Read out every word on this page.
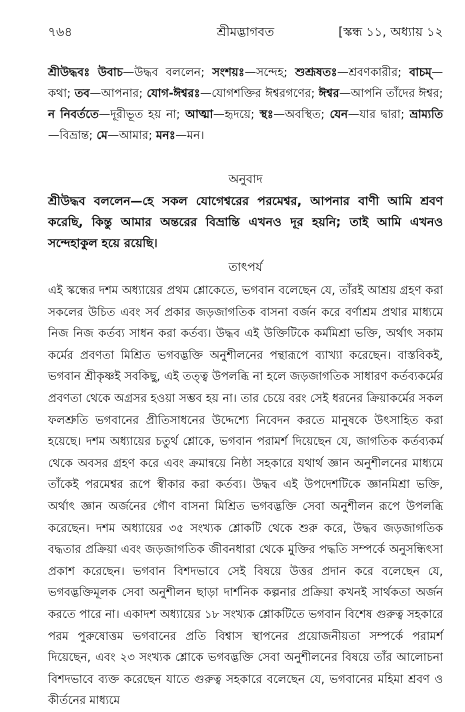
৭৬৪	শ্রীমদ্ভাগবত	[স্কন্ধ ১১, অধ্যায় ১২
শ্রীউদ্ধবঃ উবাচ—উদ্ধব বললেন; সংশয়ঃ—সন্দেহ; শুশ্রূষতঃ—শ্রবণকারীর; বাচম্—কথা; তব—আপনার; যোগ-ঈশ্বরঃ—যোগশক্তির ঈশ্বরগণের; ঈশ্বর—আপনি তাঁদের ঈশ্বর; ন নিবর্ততে—দূরীভূত হয় না; আত্মা—হৃদয়ে; স্থঃ—অবস্থিত; যেন—যার দ্বারা; ভ্রাম্যতি—বিভ্রান্ত; মে—আমার; মনঃ—মন।
অনুবাদ
শ্রীউদ্ধব বললেন—হে সকল যোগেশ্বরের পরমেশ্বর, আপনার বাণী আমি শ্রবণ করেছি, কিন্তু আমার অন্তরের বিভ্রান্তি এখনও দূর হয়নি; তাই আমি এখনও সন্দেহাকুল হয়ে রয়েছি।
তাৎপর্য
এই স্কন্ধের দশম অধ্যায়ের প্রথম শ্লোকেতে, ভগবান বলেছেন যে, তাঁরই আশ্রয় গ্রহণ করা সকলের উচিত এবং সর্ব প্রকার জড়জাগতিক বাসনা বর্জন করে বর্ণাশ্রম প্রথার মাধ্যমে নিজ নিজ কর্তব্য সাধন করা কর্তব্য। উদ্ধব এই উক্তিটিকে কর্মমিশ্রা ভক্তি, অর্থাৎ সকাম কর্মের প্রবণতা মিশ্রিত ভগবদ্ভক্তি অনুশীলনের পন্থারূপে ব্যাখ্যা করেছেন। বাস্তবিকই, ভগবান শ্রীকৃষ্ণই সবকিছু, এই তত্ত্ব উপলব্ধি না হলে জড়জাগতিক সাধারণ কর্তব্যকর্মের প্রবণতা থেকে অগ্রসর হওয়া সম্ভব হয় না। তার চেয়ে বরং সেই ধরনের ক্রিয়াকর্মের সকল ফলশ্রুতি ভগবানের প্রীতিসাধনের উদ্দেশ্যে নিবেদন করতে মানুষকে উৎসাহিত করা হয়েছে। দশম অধ্যায়ের চতুর্থ শ্লোকে, ভগবান পরামর্শ দিয়েছেন যে, জাগতিক কর্তব্যকর্ম থেকে অবসর গ্রহণ করে এবং ক্রমান্বয়ে নিষ্ঠা সহকারে যথার্থ জ্ঞান অনুশীলনের মাধ্যমে তাঁকেই পরমেশ্বর রূপে স্বীকার করা কর্তব্য। উদ্ধব এই উপদেশটিকে জ্ঞানমিশ্রা ভক্তি, অর্থাৎ জ্ঞান অর্জনের গৌণ বাসনা মিশ্রিত ভগবদ্ভক্তি সেবা অনুশীলন রূপে উপলব্ধি করেছেন। দশম অধ্যায়ের ৩৫ সংখ্যক শ্লোকটি থেকে শুরু করে, উদ্ধব জড়জাগতিক বদ্ধতার প্রক্রিয়া এবং জড়জাগতিক জীবনধারা থেকে মুক্তির পদ্ধতি সম্পর্কে অনুসন্ধিৎসা প্রকাশ করেছেন। ভগবান বিশদভাবে সেই বিষয়ে উত্তর প্রদান করে বলেছেন যে, ভগবদ্ভক্তিমূলক সেবা অনুশীলন ছাড়া দার্শনিক কল্পনার প্রক্রিয়া কখনই সার্থকতা অর্জন করতে পারে না। একাদশ অধ্যায়ের ১৮ সংখ্যক শ্লোকটিতে ভগবান বিশেষ গুরুত্ব সহকারে পরম পুরুষোত্তম ভগবানের প্রতি বিশ্বাস স্থাপনের প্রয়োজনীয়তা সম্পর্কে পরামর্শ দিয়েছেন, এবং ২৩ সংখ্যক শ্লোকে ভগবদ্ভক্তি সেবা অনুশীলনের বিষয়ে তাঁর আলোচনা বিশদভাবে ব্যক্ত করেছেন যাতে গুরুত্ব সহকারে বলেছেন যে, ভগবানের মহিমা শ্রবণ ও কীর্তনের মাধ্যমে
